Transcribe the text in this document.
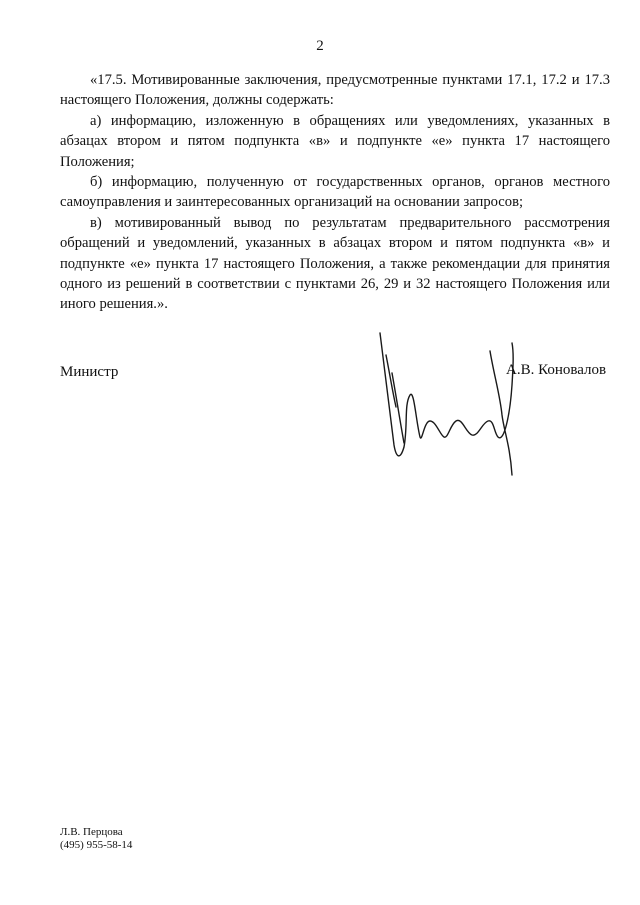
2

«17.5. Мотивированные заключения, предусмотренные пунктами 17.1, 17.2 и 17.3 настоящего Положения, должны содержать:

а) информацию, изложенную в обращениях или уведомлениях, указанных в абзацах втором и пятом подпункта «в» и подпункте «е» пункта 17 настоящего Положения;

б) информацию, полученную от государственных органов, органов местного самоуправления и заинтересованных организаций на основании запросов;

в) мотивированный вывод по результатам предварительного рассмотрения обращений и уведомлений, указанных в абзацах втором и пятом подпункта «в» и подпункте «е» пункта 17 настоящего Положения, а также рекомендации для принятия одного из решений в соответствии с пунктами 26, 29 и 32 настоящего Положения или иного решения.».

Министр	А.В. Коновалов
Л.В. Перцова
(495) 955-58-14
